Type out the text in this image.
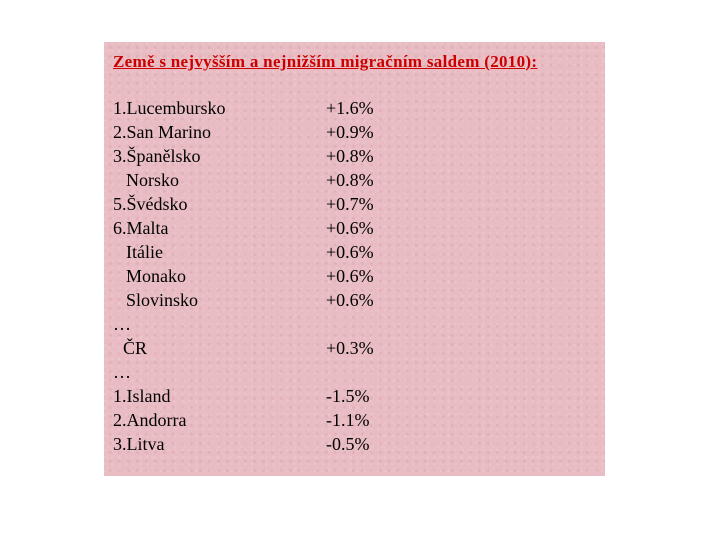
Země s nejvyšším a nejnižším migračním saldem (2010):

1.Lucembursko	+1.6%
2.San Marino	+0.9%
3.Španělsko	+0.8%
Norsko	+0.8%
5.Švédsko	+0.7%
6.Malta	+0.6%
Itálie	+0.6%
Monako	+0.6%
Slovinsko	+0.6%
…
ČR	+0.3%
…
1.Island	-1.5%
2.Andorra	-1.1%
3.Litva	-0.5%
